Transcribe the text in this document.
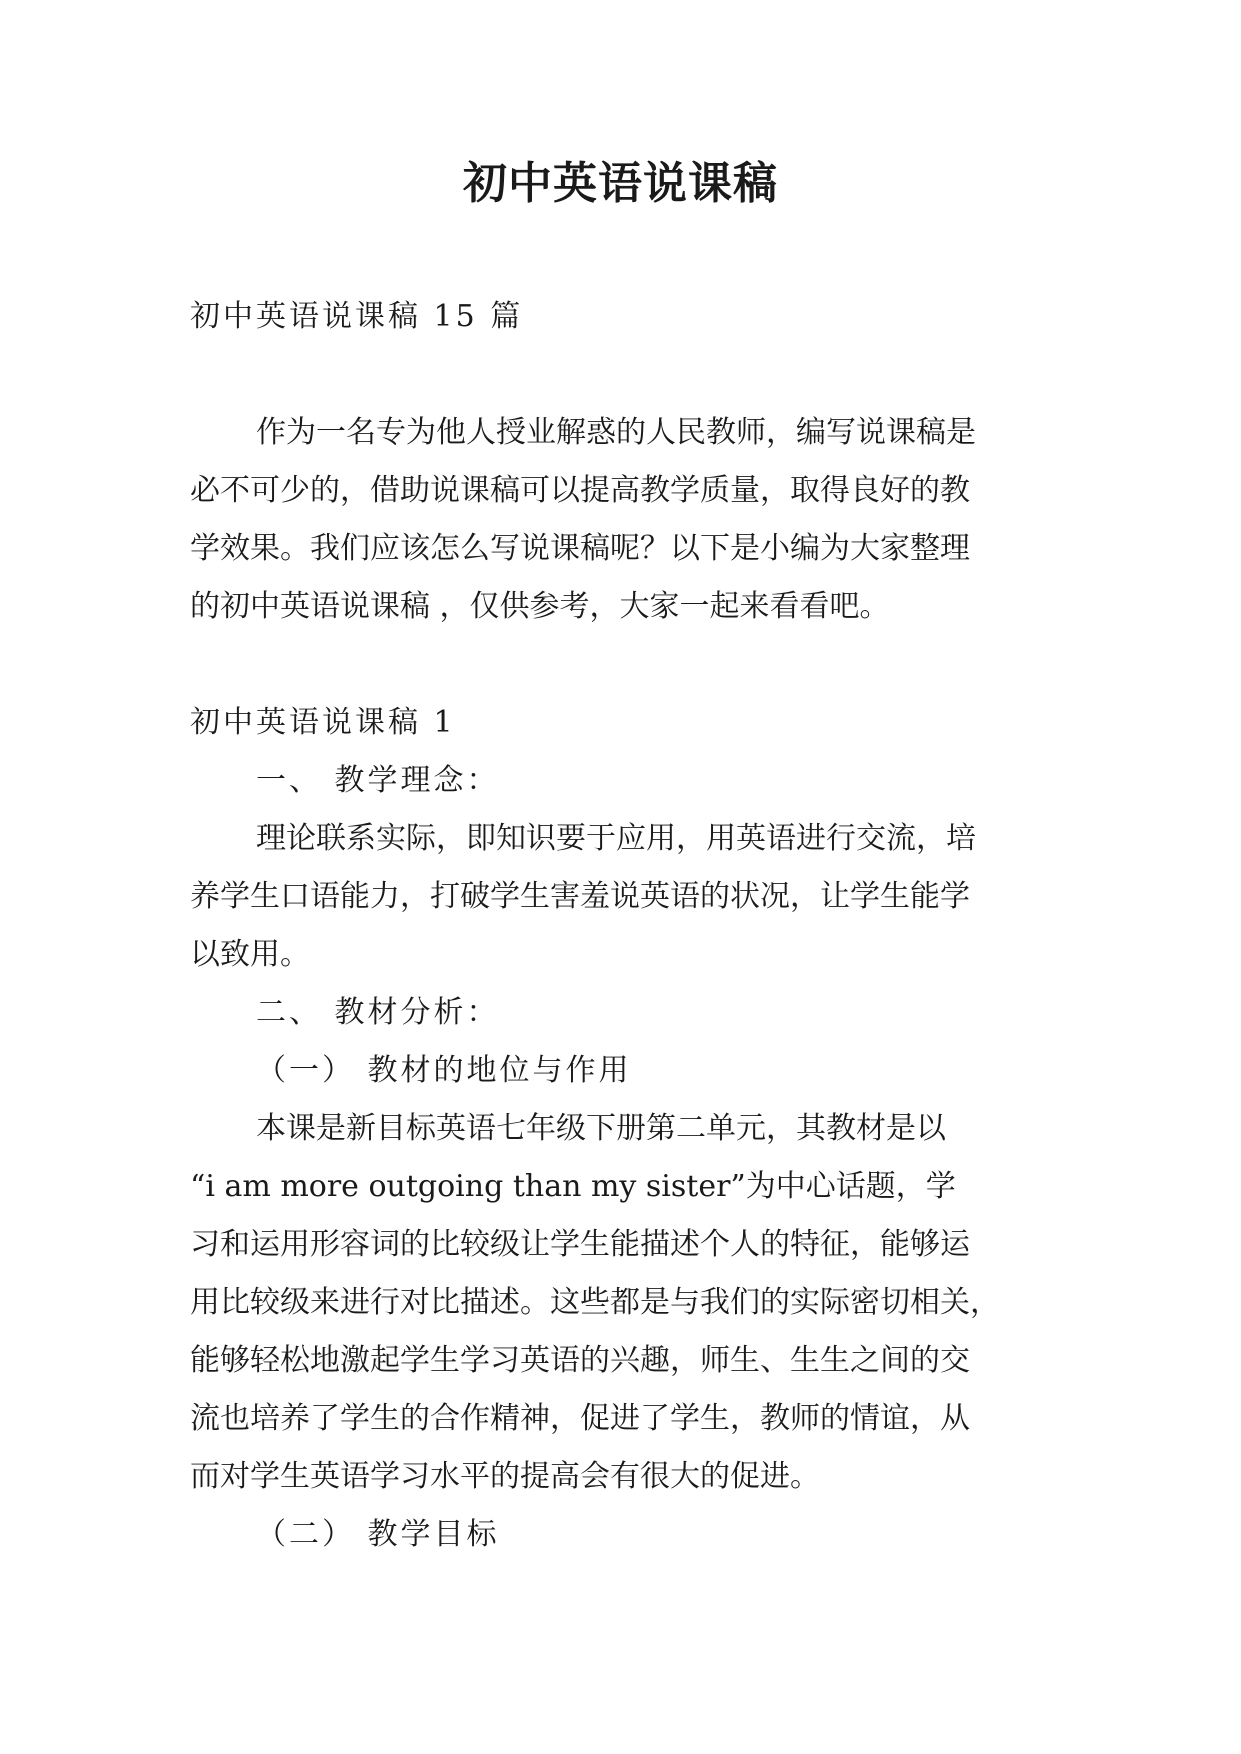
初中英语说课稿

初中英语说课稿 15 篇

作为一名专为他人授业解惑的人民教师，编写说课稿是
必不可少的，借助说课稿可以提高教学质量，取得良好的教
学效果。我们应该怎么写说课稿呢？以下是小编为大家整理
的初中英语说课稿 ，仅供参考，大家一起来看看吧。

初中英语说课稿 1

一、 教学理念：

理论联系实际，即知识要于应用，用英语进行交流，培
养学生口语能力，打破学生害羞说英语的状况，让学生能学
以致用。

二、 教材分析：

（一） 教材的地位与作用

本课是新目标英语七年级下册第二单元，其教材是以
“i am more outgoing than my sister”为中心话题，学
习和运用形容词的比较级让学生能描述个人的特征，能够运
用比较级来进行对比描述。这些都是与我们的实际密切相关，
能够轻松地激起学生学习英语的兴趣，师生、生生之间的交
流也培养了学生的合作精神，促进了学生，教师的情谊，从
而对学生英语学习水平的提高会有很大的促进。

（二） 教学目标
